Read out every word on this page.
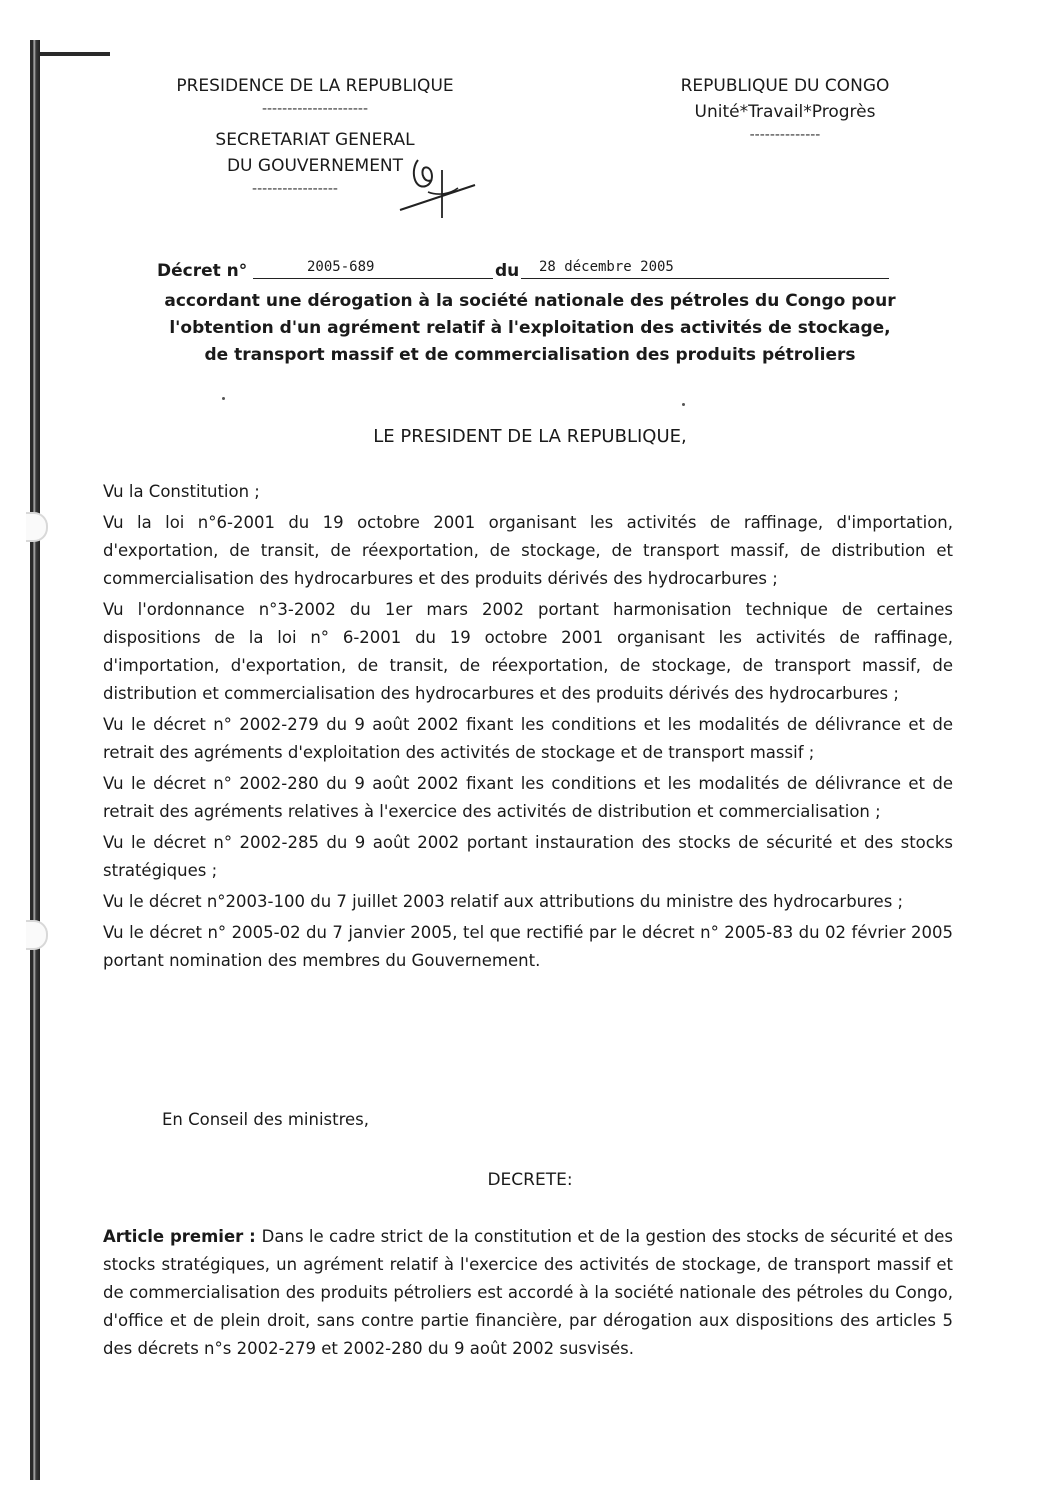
PRESIDENCE DE LA REPUBLIQUE
---------------------
SECRETARIAT GENERAL
DU GOUVERNEMENT
-----------------
REPUBLIQUE DU CONGO
Unité*Travail*Progrès
--------------
Décret n°	2005-689	du 28 décembre 2005
accordant une dérogation à la société nationale des pétroles du Congo pour
l'obtention d'un agrément relatif à l'exploitation des activités de stockage,
de transport massif et de commercialisation des produits pétroliers
LE PRESIDENT DE LA REPUBLIQUE,

Vu la Constitution ;

Vu la loi n°6-2001 du 19 octobre 2001 organisant les activités de raffinage, d'importation, d'exportation, de transit, de réexportation, de stockage, de transport massif, de distribution et commercialisation des hydrocarbures et des produits dérivés des hydrocarbures ;

Vu l'ordonnance n°3-2002 du 1er mars 2002 portant harmonisation technique de certaines dispositions de la loi n° 6-2001 du 19 octobre 2001 organisant les activités de raffinage, d'importation, d'exportation, de transit, de réexportation, de stockage, de transport massif, de distribution et commercialisation des hydrocarbures et des produits dérivés des hydrocarbures ;

Vu le décret n° 2002-279 du 9 août 2002 fixant les conditions et les modalités de délivrance et de retrait des agréments d'exploitation des activités de stockage et de transport massif ;

Vu le décret n° 2002-280 du 9 août 2002 fixant les conditions et les modalités de délivrance et de retrait des agréments relatives à l'exercice des activités de distribution et commercialisation ;

Vu le décret n° 2002-285 du 9 août 2002 portant instauration des stocks de sécurité et des stocks stratégiques ;

Vu le décret n°2003-100 du 7 juillet 2003 relatif aux attributions du ministre des hydrocarbures ;

Vu le décret n° 2005-02 du 7 janvier 2005, tel que rectifié par le décret n° 2005-83 du 02 février 2005 portant nomination des membres du Gouvernement.

En Conseil des ministres,
DECRETE:
Article premier : Dans le cadre strict de la constitution et de la gestion des stocks de sécurité et des stocks stratégiques, un agrément relatif à l'exercice des activités de stockage, de transport massif et de commercialisation des produits pétroliers est accordé à la société nationale des pétroles du Congo, d'office et de plein droit, sans contre partie financière, par dérogation aux dispositions des articles 5 des décrets n°s 2002-279 et 2002-280 du 9 août 2002 susvisés.
